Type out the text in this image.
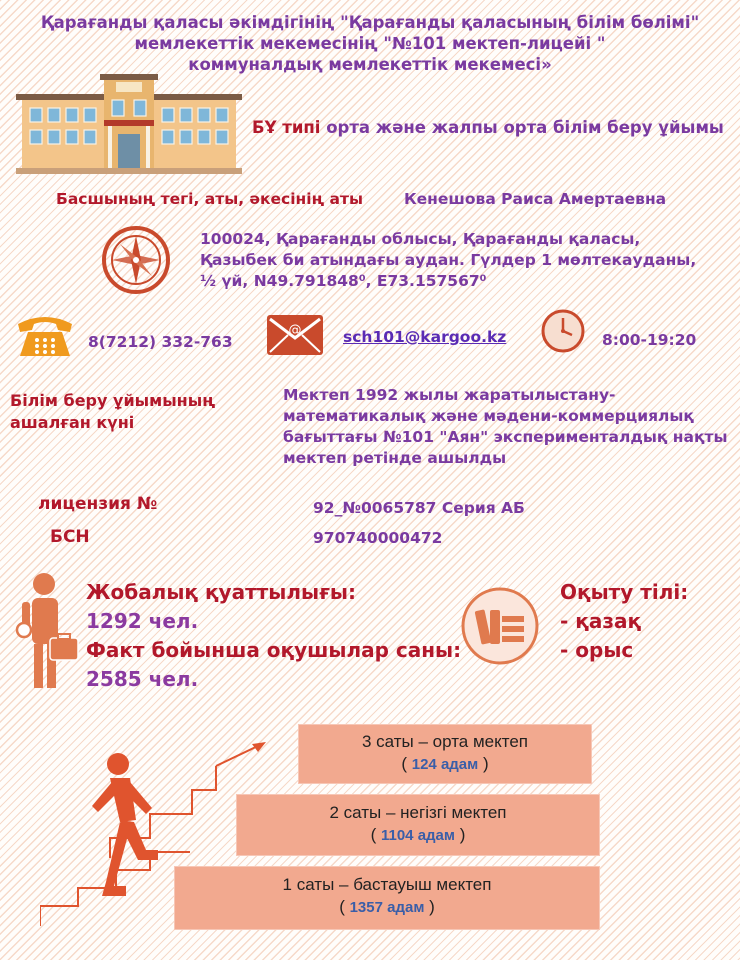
Қарағанды қаласы әкімдігінің "Қарағанды қаласының білім бөлімі"
мемлекеттік мекемесінің "№101 мектеп-лицейі "
коммуналдық мемлекеттік мекемесі»
БҰ типі орта және жалпы орта білім беру ұйымы
Басшының тегі, аты, әкесінің аты	Кенешова Раиса Амертаевна
100024, Қарағанды облысы, Қарағанды қаласы,
Қазыбек би атындағы аудан. Гүлдер 1 мөлтекауданы,
½ үй, N49.791848⁰, E73.157567⁰
8(7212) 332-763
@	sch101@kargoo.kz	8:00-19:20
Білім беру ұйымының
ашалған күні
Мектеп 1992 жылы жаратылыстану-
математикалық және мәдени-коммерциялық
бағыттағы №101 "Аян" эксперименталдық нақты
мектеп ретінде ашылды
лицензия №	92_№0065787 Серия АБ
БСН	970740000472
Жобалық қуаттылығы:
1292 чел.
Факт бойынша оқушылар саны:
2585 чел.
Оқыту тілі:
- қазақ
- орыс
3 саты – орта мектеп
( 124 адам )
2 саты – негізгі мектеп
( 1104 адам )
1 саты – бастауыш мектеп
( 1357 адам )
